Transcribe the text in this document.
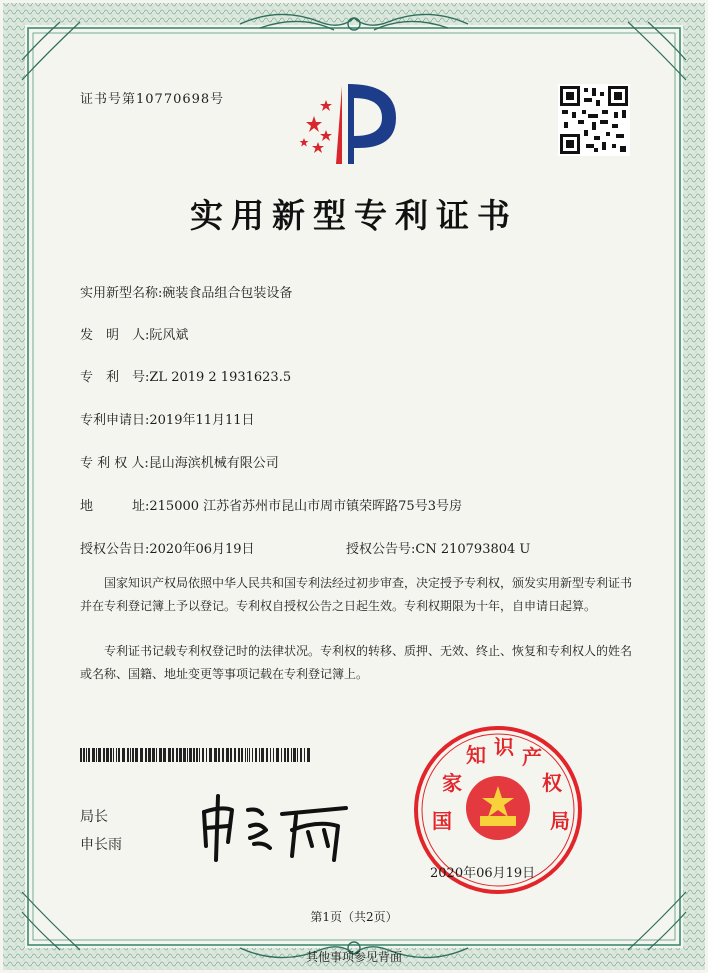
证书号第10770698号
实用新型专利证书
实用新型名称:碗装食品组合包装设备
发　明　人:阮风斌
专　利　号:ZL 2019 2 1931623.5
专利申请日:2019年11月11日
专 利 权 人:昆山海滨机械有限公司
地　　　址:215000 江苏省苏州市昆山市周市镇荣晖路75号3号房
授权公告日:2020年06月19日	授权公告号:CN 210793804 U
国家知识产权局依照中华人民共和国专利法经过初步审查，决定授予专利权，颁发实用新型专利证书并在专利登记簿上予以登记。专利权自授权公告之日起生效。专利权期限为十年，自申请日起算。
专利证书记载专利权登记时的法律状况。专利权的转移、质押、无效、终止、恢复和专利权人的姓名或名称、国籍、地址变更等事项记载在专利登记簿上。
局长
申长雨
国
家
知 识 产
权
局
2020年06月19日
第1页（共2页）
其他事项参见背面
